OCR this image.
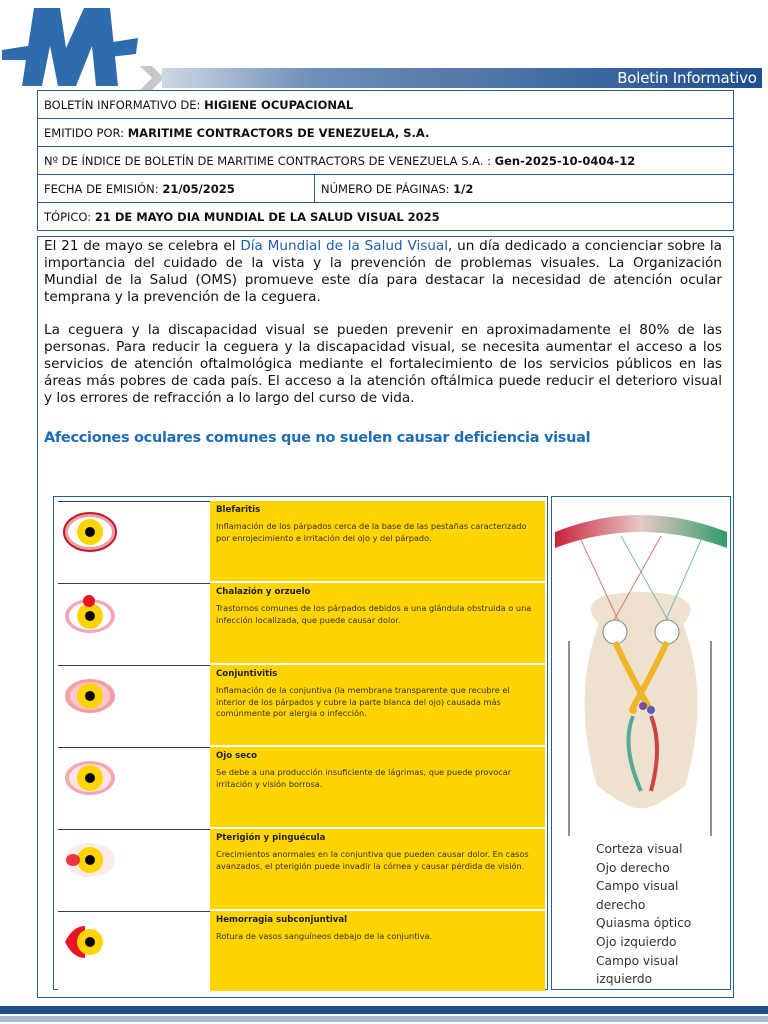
Boletin Informativo
BOLETÍN INFORMATIVO DE: HIGIENE OCUPACIONAL
EMITIDO POR: MARITIME CONTRACTORS DE VENEZUELA, S.A.
Nº DE ÍNDICE DE BOLETÍN DE MARITIME CONTRACTORS DE VENEZUELA S.A. : Gen-2025-10-0404-12
FECHA DE EMISIÓN: 21/05/2025	NÚMERO DE PÁGINAS: 1/2
TÓPICO: 21 DE MAYO DIA MUNDIAL DE LA SALUD VISUAL 2025

El 21 de mayo se celebra el Día Mundial de la Salud Visual, un día dedicado a concienciar sobre la importancia del cuidado de la vista y la prevención de problemas visuales. La Organización Mundial de la Salud (OMS) promueve este día para destacar la necesidad de atención ocular temprana y la prevención de la ceguera.

La ceguera y la discapacidad visual se pueden prevenir en aproximadamente el 80% de las personas. Para reducir la ceguera y la discapacidad visual, se necesita aumentar el acceso a los servicios de atención oftalmológica mediante el fortalecimiento de los servicios públicos en las áreas más pobres de cada país. El acceso a la atención oftálmica puede reducir el deterioro visual y los errores de refracción a lo largo del curso de vida.

Afecciones oculares comunes que no suelen causar deficiencia visual
Blefaritis
Inflamación de los párpados cerca de la base de las pestañas caracterizado por enrojecimiento e irritación del ojo y del párpado.
Chalazión y orzuelo
Trastornos comunes de los párpados debidos a una glándula obstruida o una infección localizada, que puede causar dolor.
Conjuntivitis
Inflamación de la conjuntiva (la membrana transparente que recubre el interior de los párpados y cubre la parte blanca del ojo) causada más comúnmente por alergia o infección.
Ojo seco
Se debe a una producción insuficiente de lágrimas, que puede provocar irritación y visión borrosa.
Pterigión y pinguécula
Crecimientos anormales en la conjuntiva que pueden causar dolor. En casos avanzados, el pterigión puede invadir la córnea y causar pérdida de visión.
Hemorragia subconjuntival
Rotura de vasos sanguíneos debajo de la conjuntiva.
Corteza visual
Ojo derecho
Campo visual
derecho
Quiasma óptico
Ojo izquierdo
Campo visual
izquierdo
